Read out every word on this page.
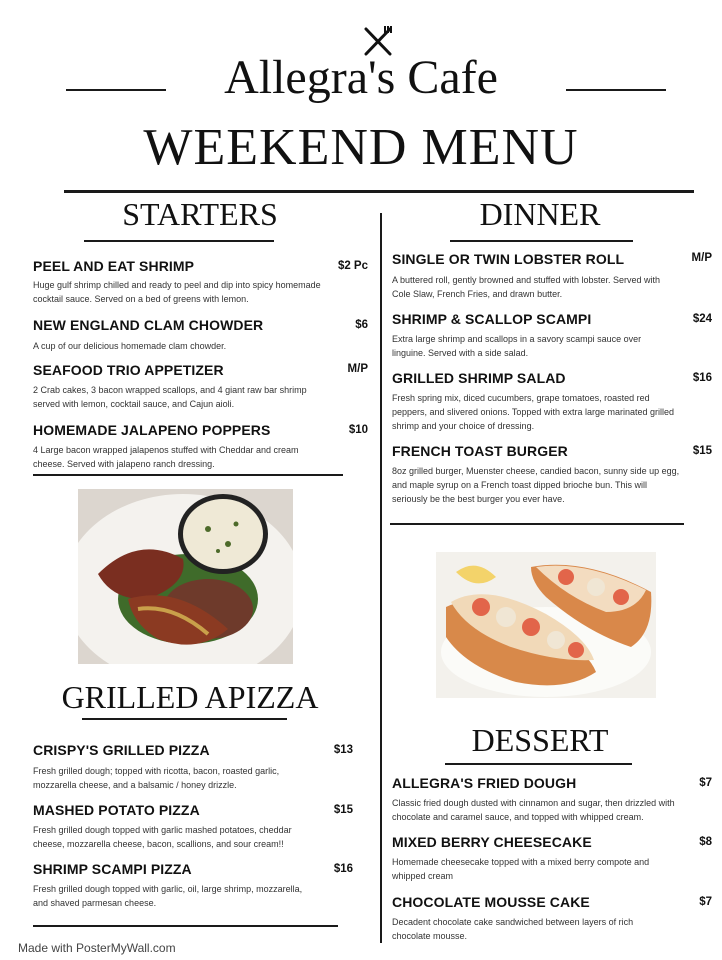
Allegra's Cafe
WEEKEND MENU
STARTERS
PEEL AND EAT SHRIMP	$2 Pc
Huge gulf shrimp chilled and ready to peel and dip into spicy homemade cocktail sauce. Served on a bed of greens with lemon.
NEW ENGLAND CLAM CHOWDER	$6
A cup of our delicious homemade clam chowder.
SEAFOOD TRIO APPETIZER	M/P
2 Crab cakes, 3 bacon wrapped scallops, and 4 giant raw bar shrimp served with lemon, cocktail sauce, and Cajun aioli.
HOMEMADE JALAPENO POPPERS	$10
4 Large bacon wrapped jalapenos stuffed with Cheddar and cream cheese. Served with jalapeno ranch dressing.
GRILLED APIZZA
CRISPY'S GRILLED PIZZA	$13
Fresh grilled dough; topped with ricotta, bacon, roasted garlic, mozzarella cheese, and a balsamic / honey drizzle.
MASHED POTATO PIZZA	$15
Fresh grilled dough topped with garlic mashed potatoes, cheddar cheese, mozzarella cheese, bacon, scallions, and sour cream!!
SHRIMP SCAMPI PIZZA	$16
Fresh grilled dough topped with garlic, oil, large shrimp, mozzarella, and shaved parmesan cheese.
DINNER
SINGLE OR TWIN LOBSTER ROLL	M/P
A buttered roll, gently browned and stuffed with lobster. Served with Cole Slaw, French Fries, and drawn butter.
SHRIMP & SCALLOP SCAMPI	$24
Extra large shrimp and scallops in a savory scampi sauce over linguine. Served with a side salad.
GRILLED SHRIMP SALAD	$16
Fresh spring mix, diced cucumbers, grape tomatoes, roasted red peppers, and slivered onions. Topped with extra large marinated grilled shrimp and your choice of dressing.
FRENCH TOAST BURGER	$15
8oz grilled burger, Muenster cheese, candied bacon, sunny side up egg, and maple syrup on a French toast dipped brioche bun. This will seriously be the best burger you ever have.
DESSERT
ALLEGRA'S FRIED DOUGH	$7
Classic fried dough dusted with cinnamon and sugar, then drizzled with chocolate and caramel sauce, and topped with whipped cream.
MIXED BERRY CHEESECAKE	$8
Homemade cheesecake topped with a mixed berry compote and whipped cream
CHOCOLATE MOUSSE CAKE	$7
Decadent chocolate cake sandwiched between layers of rich chocolate mousse.
Made with PosterMyWall.com
